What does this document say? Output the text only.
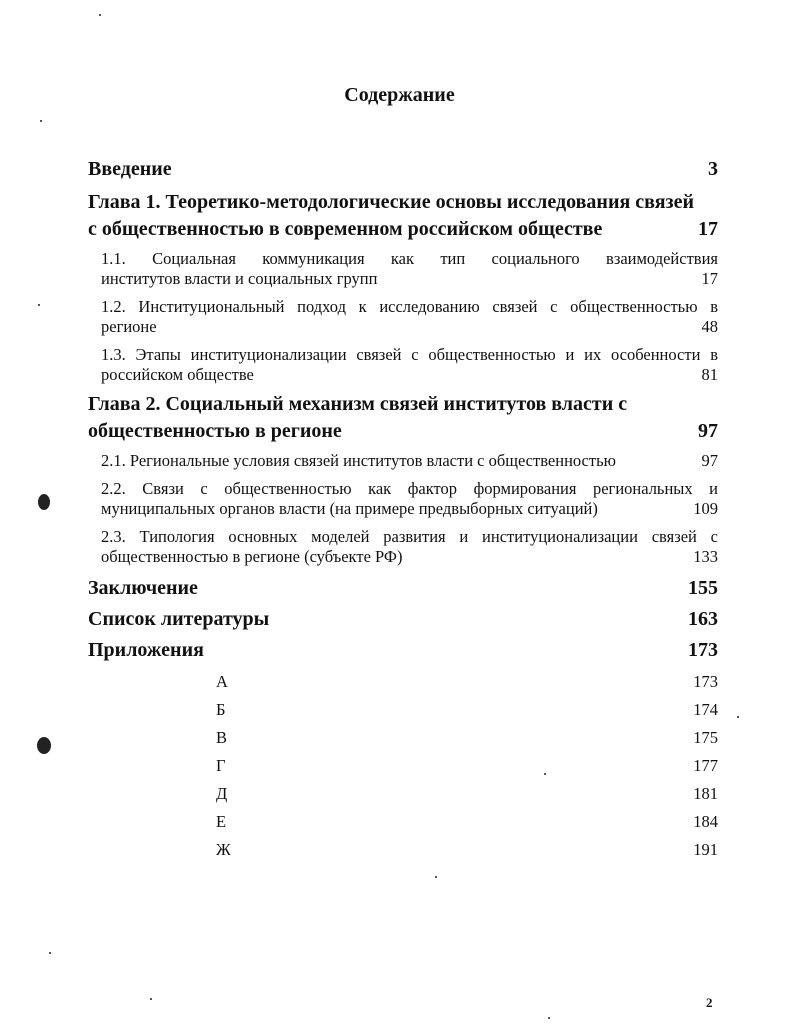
Содержание
Введение	3
Глава 1. Теоретико-методологические основы исследования связей
с общественностью в современном российском обществе	17
1.1. Социальная коммуникация как тип социального взаимодействия
институтов власти и социальных групп	17
1.2. Институциональный подход к исследованию связей с общественностью в
регионе	48
1.3. Этапы институционализации связей с общественностью и их особенности в
российском обществе	81
Глава 2. Социальный механизм связей институтов власти с
общественностью в регионе	97
2.1. Региональные условия связей институтов власти с общественностью	97
2.2. Связи с общественностью как фактор формирования региональных и
муниципальных органов власти (на примере предвыборных ситуаций)	109
2.3. Типология основных моделей развития и институционализации связей с
общественностью в регионе (субъекте РФ)	133
Заключение	155
Список литературы	163
Приложения	173
А	173
Б	174
В	175
Г	177
Д	181
Е	184
Ж	191
2
